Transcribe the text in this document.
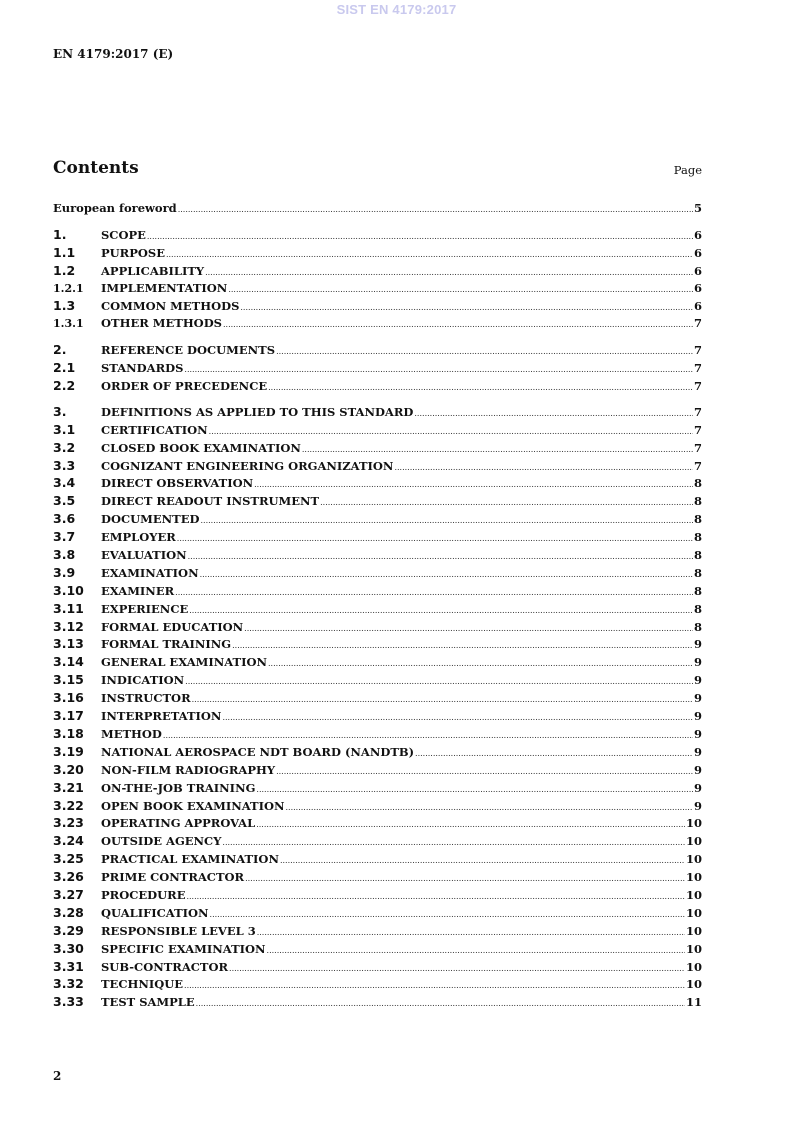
SIST EN 4179:2017
EN 4179:2017 (E)
Contents	Page
European foreword .....	5
1.	SCOPE .....	6
1.1	PURPOSE .....	6
1.2	APPLICABILITY .....	6
1.2.1	IMPLEMENTATION .....	6
1.3	COMMON METHODS .....	6
1.3.1	OTHER METHODS .....	7
2.	REFERENCE DOCUMENTS .....	7
2.1	STANDARDS .....	7
2.2	ORDER OF PRECEDENCE .....	7
3.	DEFINITIONS AS APPLIED TO THIS STANDARD .....	7
3.1	CERTIFICATION .....	7
3.2	CLOSED BOOK EXAMINATION .....	7
3.3	COGNIZANT ENGINEERING ORGANIZATION .....	7
3.4	DIRECT OBSERVATION .....	8
3.5	DIRECT READOUT INSTRUMENT .....	8
3.6	DOCUMENTED .....	8
3.7	EMPLOYER .....	8
3.8	EVALUATION .....	8
3.9	EXAMINATION .....	8
3.10	EXAMINER .....	8
3.11	EXPERIENCE .....	8
3.12	FORMAL EDUCATION .....	8
3.13	FORMAL TRAINING .....	9
3.14	GENERAL EXAMINATION .....	9
3.15	INDICATION .....	9
3.16	INSTRUCTOR .....	9
3.17	INTERPRETATION .....	9
3.18	METHOD .....	9
3.19	NATIONAL AEROSPACE NDT BOARD (NANDTB) .....	9
3.20	NON-FILM RADIOGRAPHY .....	9
3.21	ON-THE-JOB TRAINING .....	9
3.22	OPEN BOOK EXAMINATION .....	9
3.23	OPERATING APPROVAL .....	10
3.24	OUTSIDE AGENCY .....	10
3.25	PRACTICAL EXAMINATION .....	10
3.26	PRIME CONTRACTOR .....	10
3.27	PROCEDURE .....	10
3.28	QUALIFICATION .....	10
3.29	RESPONSIBLE LEVEL 3 .....	10
3.30	SPECIFIC EXAMINATION .....	10
3.31	SUB-CONTRACTOR .....	10
3.32	TECHNIQUE .....	10
3.33	TEST SAMPLE .....	11
2
